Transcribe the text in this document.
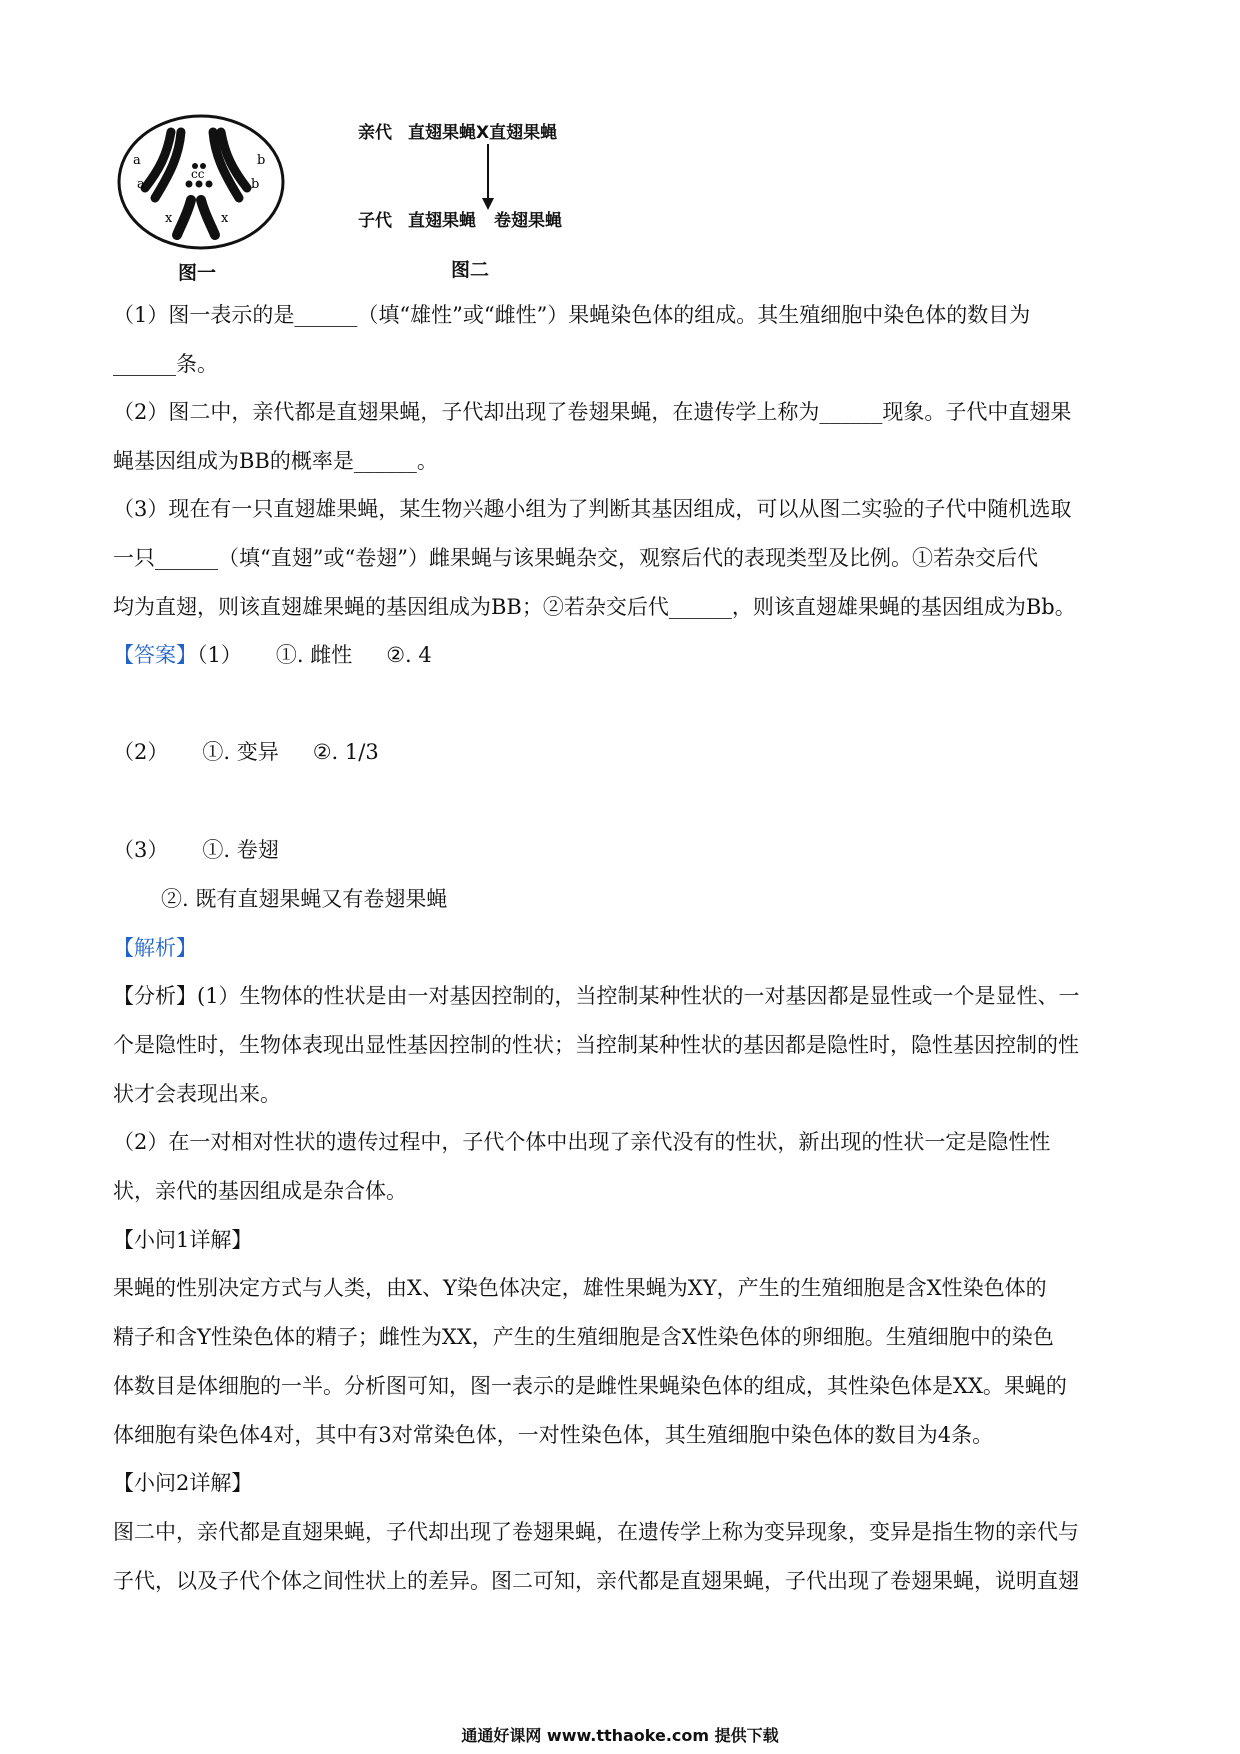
a
a
b
b
cc
x	x
图一
亲代 直翅果蝇X直翅果蝇
子代 直翅果蝇 卷翅果蝇
图二
（1）图一表示的是______（填“雄性”或“雌性”）果蝇染色体的组成。其生殖细胞中染色体的数目为
______条。
（2）图二中，亲代都是直翅果蝇，子代却出现了卷翅果蝇，在遗传学上称为______现象。子代中直翅果
蝇基因组成为BB的概率是______。
（3）现在有一只直翅雄果蝇，某生物兴趣小组为了判断其基因组成，可以从图二实验的子代中随机选取
一只______（填“直翅”或“卷翅”）雌果蝇与该果蝇杂交，观察后代的表现类型及比例。①若杂交后代
均为直翅，则该直翅雄果蝇的基因组成为BB；②若杂交后代______，则该直翅雄果蝇的基因组成为Bb。
【答案】（1） ①. 雌性 ②. 4
（2） ①. 变异 ②. 1/3
（3） ①. 卷翅
②. 既有直翅果蝇又有卷翅果蝇
【解析】
【分析】(1）生物体的性状是由一对基因控制的，当控制某种性状的一对基因都是显性或一个是显性、一
个是隐性时，生物体表现出显性基因控制的性状；当控制某种性状的基因都是隐性时，隐性基因控制的性
状才会表现出来。
（2）在一对相对性状的遗传过程中，子代个体中出现了亲代没有的性状，新出现的性状一定是隐性性
状，亲代的基因组成是杂合体。
【小问1详解】
果蝇的性别决定方式与人类，由X、Y染色体决定，雄性果蝇为XY，产生的生殖细胞是含X性染色体的
精子和含Y性染色体的精子；雌性为XX，产生的生殖细胞是含X性染色体的卵细胞。生殖细胞中的染色
体数目是体细胞的一半。分析图可知，图一表示的是雌性果蝇染色体的组成，其性染色体是XX。果蝇的
体细胞有染色体4对，其中有3对常染色体，一对性染色体，其生殖细胞中染色体的数目为4条。
【小问2详解】
图二中，亲代都是直翅果蝇，子代却出现了卷翅果蝇，在遗传学上称为变异现象，变异是指生物的亲代与
子代，以及子代个体之间性状上的差异。图二可知，亲代都是直翅果蝇，子代出现了卷翅果蝇，说明直翅
通通好课网 www.tthaoke.com 提供下载
